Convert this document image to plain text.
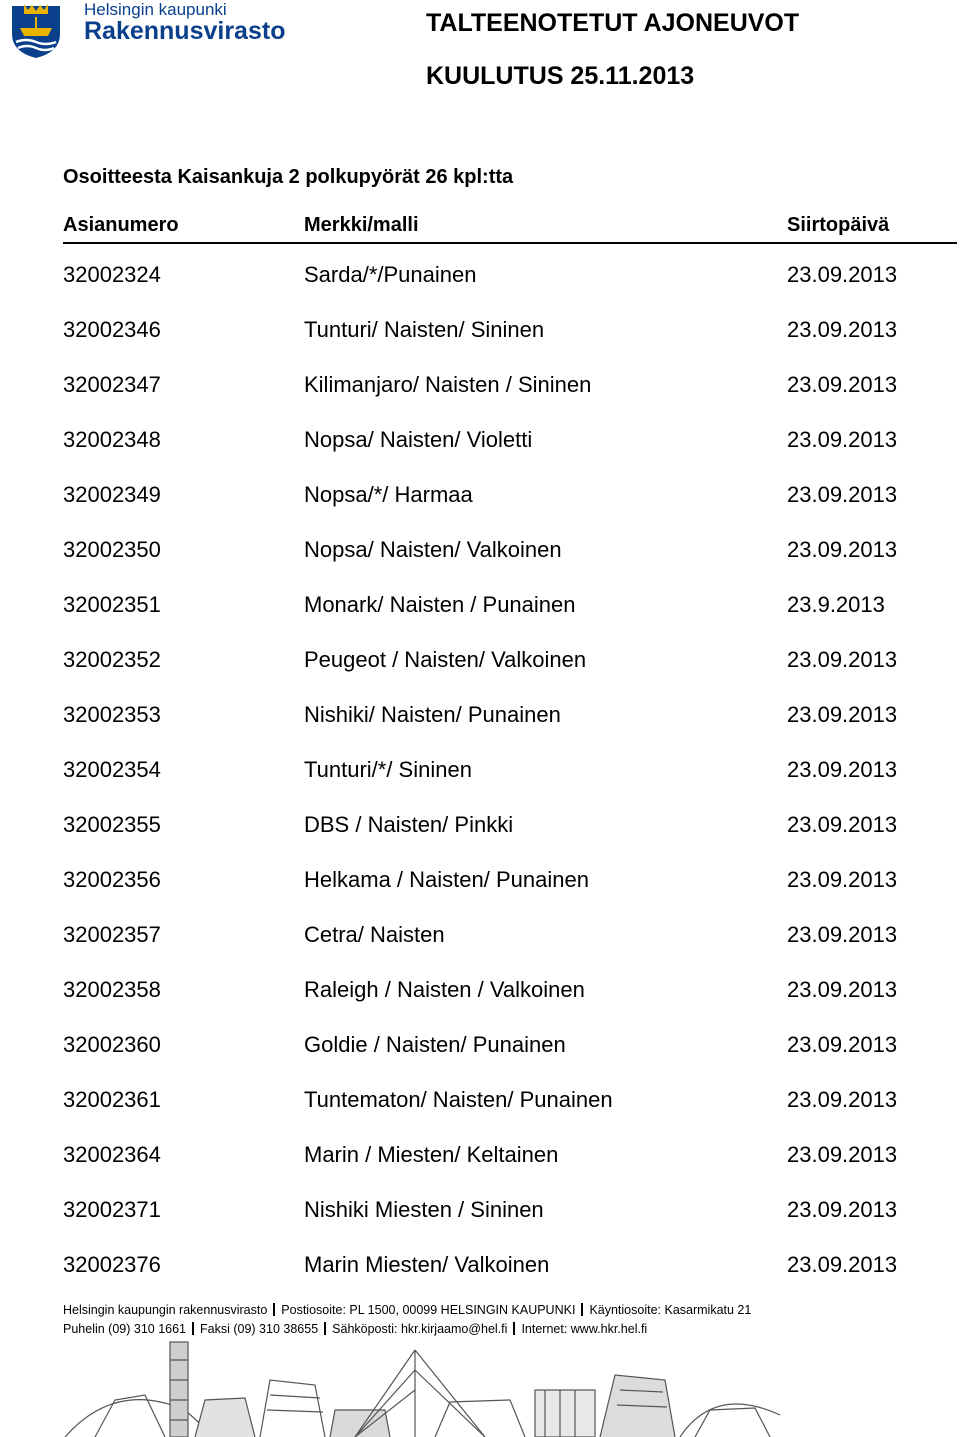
Helsingin kaupunki
Rakennusvirasto	TALTEENOTETUT AJONEUVOT
KUULUTUS 25.11.2013
Osoitteesta Kaisankuja 2 polkupyörät 26 kpl:tta
Asianumero	Merkki/malli	Siirtopäivä
32002324	Sarda/*/Punainen	23.09.2013
32002346	Tunturi/ Naisten/ Sininen	23.09.2013
32002347	Kilimanjaro/ Naisten / Sininen	23.09.2013
32002348	Nopsa/ Naisten/ Violetti	23.09.2013
32002349	Nopsa/*/ Harmaa	23.09.2013
32002350	Nopsa/ Naisten/ Valkoinen	23.09.2013
32002351	Monark/ Naisten / Punainen	23.9.2013
32002352	Peugeot / Naisten/ Valkoinen	23.09.2013
32002353	Nishiki/ Naisten/ Punainen	23.09.2013
32002354	Tunturi/*/ Sininen	23.09.2013
32002355	DBS / Naisten/ Pinkki	23.09.2013
32002356	Helkama / Naisten/ Punainen	23.09.2013
32002357	Cetra/ Naisten	23.09.2013
32002358	Raleigh / Naisten / Valkoinen	23.09.2013
32002360	Goldie / Naisten/ Punainen	23.09.2013
32002361	Tuntematon/ Naisten/ Punainen	23.09.2013
32002364	Marin / Miesten/ Keltainen	23.09.2013
32002371	Nishiki Miesten / Sininen	23.09.2013
32002376	Marin Miesten/ Valkoinen	23.09.2013
Helsingin kaupungin rakennusvirasto Postiosoite: PL 1500, 00099 HELSINGIN KAUPUNKI Käyntiosoite: Kasarmikatu 21
Puhelin (09) 310 1661 Faksi (09) 310 38655 Sähköposti: hkr.kirjaamo@hel.fi Internet: www.hkr.hel.fi
